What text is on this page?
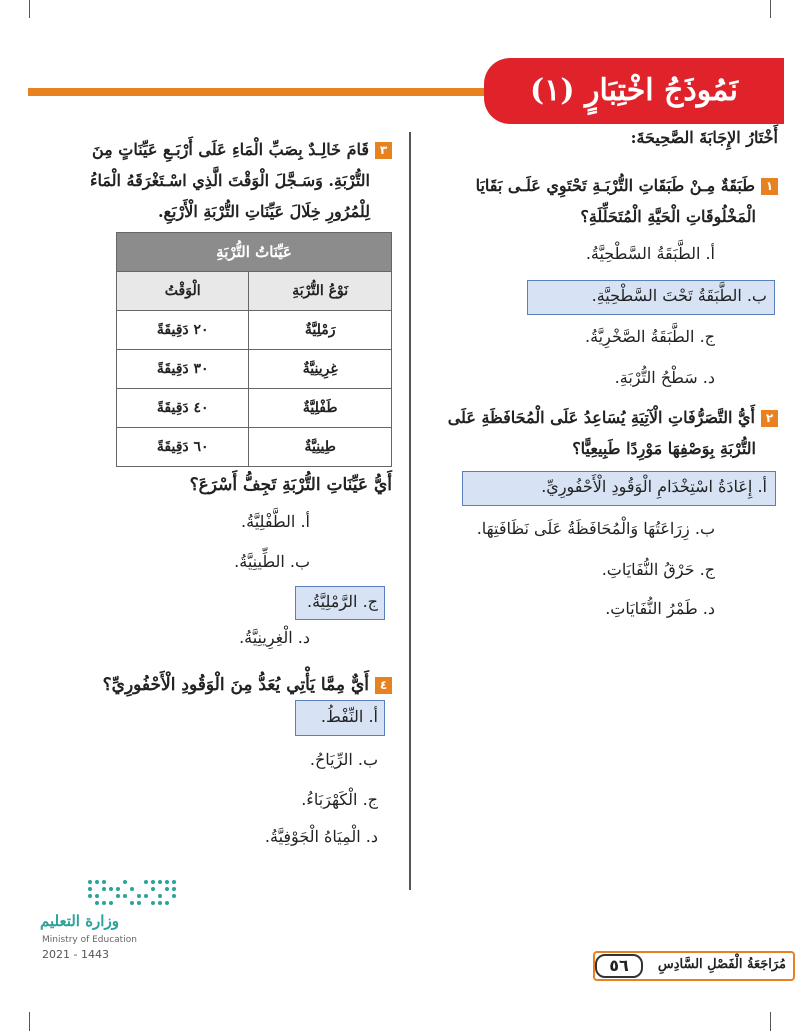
نَمُوذَجُ اخْتِبَارٍ (١)
أَخْتَارُ الإِجَابَةَ الصَّحِيحَةَ:
١طَبَقَةٌ مِـنْ طَبَقَاتِ التُّرْبَـةِ تَحْتَوِي عَلَـى بَقَايَا
الْمَخْلُوقَاتِ الْحَيَّةِ الْمُتَحَلِّلَةِ؟
أ. الطَّبَقَةُ السَّطْحِيَّةُ.
ب. الطَّبَقَةُ تَحْتَ السَّطْحِيَّةِ.
ج. الطَّبَقَةُ الصَّخْرِيَّةُ.
د. سَطْحُ التُّرْبَةِ.
٢أَيُّ التَّصَرُّفَاتِ الْآتِيَةِ يُسَاعِدُ عَلَى الْمُحَافَظَةِ عَلَى
التُّرْبَةِ بِوَصْفِهَا مَوْرِدًا طَبِيعِيًّا؟
أ. إِعَادَةُ اسْتِخْدَامِ الْوَقُودِ الْأَحْفُورِيِّ.
ب. زِرَاعَتُهَا وَالْمُحَافَظَةُ عَلَى نَظَافَتِهَا.
ج. حَرْقُ النُّفَايَاتِ.
د. طَمْرُ النُّفَايَاتِ.
٣قَامَ خَالِـدٌ بِصَبِّ الْمَاءِ عَلَى أَرْبَـعِ عَيِّنَاتٍ مِنَ
التُّرْبَةِ. وَسَـجَّلَ الْوَقْتَ الَّذِي اسْـتَغْرَقَهُ الْمَاءُ
لِلْمُرُورِ خِلَالَ عَيِّنَاتِ التُّرْبَةِ الْأَرْبَعِ.
عَيِّنَاتُ التُّرْبَةِ	
نَوْعُ التُّرْبَةِ	الْوَقْتُ
رَمْلِيَّةٌ	٢٠ دَقِيقَةً
غِرِينِيَّةٌ	٣٠ دَقِيقَةً
طَفْلِيَّةٌ	٤٠ دَقِيقَةً
طِينِيَّةٌ	٦٠ دَقِيقَةً
أَيُّ عَيِّنَاتِ التُّرْبَةِ تَجِفُّ أَسْرَعَ؟
أ. الطَّفْلِيَّةُ.
ب. الطِّينِيَّةُ.
ج. الرَّمْلِيَّةُ.
د. الْغِرِينِيَّةُ.
٤أَيٌّ مِمَّا يَأْتِي يُعَدُّ مِنَ الْوَقُودِ الْأَحْفُورِيِّ؟
أ. النِّفْطُ.
ب. الرِّيَاحُ.
ج. الْكَهْرَبَاءُ.
د. الْمِيَاهُ الْجَوْفِيَّةُ.
وزارة التعليم
Ministry of Education
2021 - 1443
مُرَاجَعَةُ الْفَصْلِ السَّادِسِ
٥٦
